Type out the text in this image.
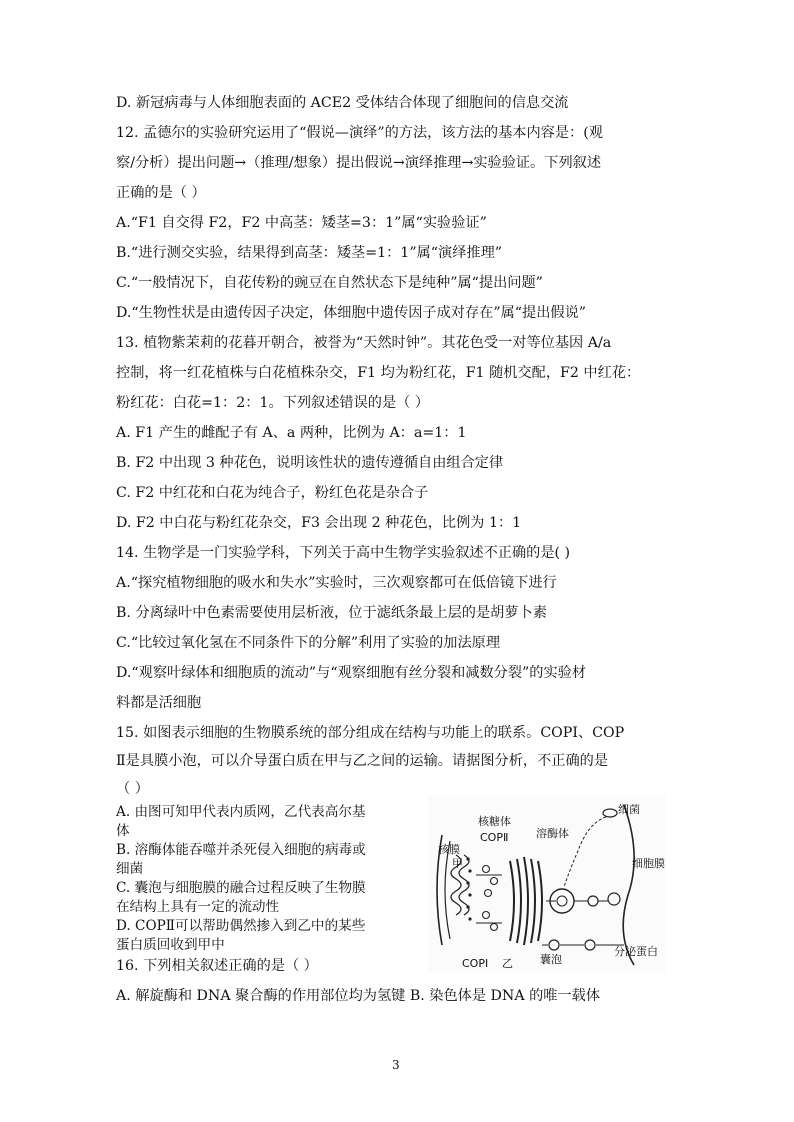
D. 新冠病毒与人体细胞表面的 ACE2 受体结合体现了细胞间的信息交流
12. 孟德尔的实验研究运用了“假说—演绎”的方法，该方法的基本内容是：(观
察/分析）提出问题→（推理/想象）提出假说→演绎推理→实验验证。下列叙述
正确的是（ ）
A.“F1 自交得 F2，F2 中高茎：矮茎=3：1”属“实验验证”
B.“进行测交实验，结果得到高茎：矮茎=1：1”属“演绎推理”
C.“一般情况下，自花传粉的豌豆在自然状态下是纯种”属“提出问题”
D.“生物性状是由遗传因子决定，体细胞中遗传因子成对存在”属“提出假说”
13. 植物紫茉莉的花暮开朝合，被誉为“天然时钟”。其花色受一对等位基因 A/a
控制，将一红花植株与白花植株杂交，F1 均为粉红花，F1 随机交配，F2 中红花：
粉红花：白花=1：2：1。下列叙述错误的是（ ）
A. F1 产生的雌配子有 A、a 两种，比例为 A：a=1：1
B. F2 中出现 3 种花色，说明该性状的遗传遵循自由组合定律
C. F2 中红花和白花为纯合子，粉红色花是杂合子
D. F2 中白花与粉红花杂交，F3 会出现 2 种花色，比例为 1：1
14. 生物学是一门实验学科，下列关于高中生物学实验叙述不正确的是( )
A.“探究植物细胞的吸水和失水”实验时，三次观察都可在低倍镜下进行
B. 分离绿叶中色素需要使用层析液，位于滤纸条最上层的是胡萝卜素
C.“比较过氧化氢在不同条件下的分解”利用了实验的加法原理
D.“观察叶绿体和细胞质的流动”与“观察细胞有丝分裂和减数分裂”的实验材
料都是活细胞
15. 如图表示细胞的生物膜系统的部分组成在结构与功能上的联系。COPⅠ、COP
Ⅱ是具膜小泡，可以介导蛋白质在甲与乙之间的运输。请据图分析，不正确的是
（ ）
A. 由图可知甲代表内质网，乙代表高尔基
体
B. 溶酶体能吞噬并杀死侵入细胞的病毒或
细菌
C. 囊泡与细胞膜的融合过程反映了生物膜
在结构上具有一定的流动性
D. COPⅡ可以帮助偶然掺入到乙中的某些
蛋白质回收到甲中
16. 下列相关叙述正确的是（ ）
A. 解旋酶和 DNA 聚合酶的作用部位均为氢键 B. 染色体是 DNA 的唯一载体
核膜
核糖体
COPⅡ	溶酶体
细菌
甲	细胞膜
COPⅠ 乙 囊泡
分泌蛋白
3
